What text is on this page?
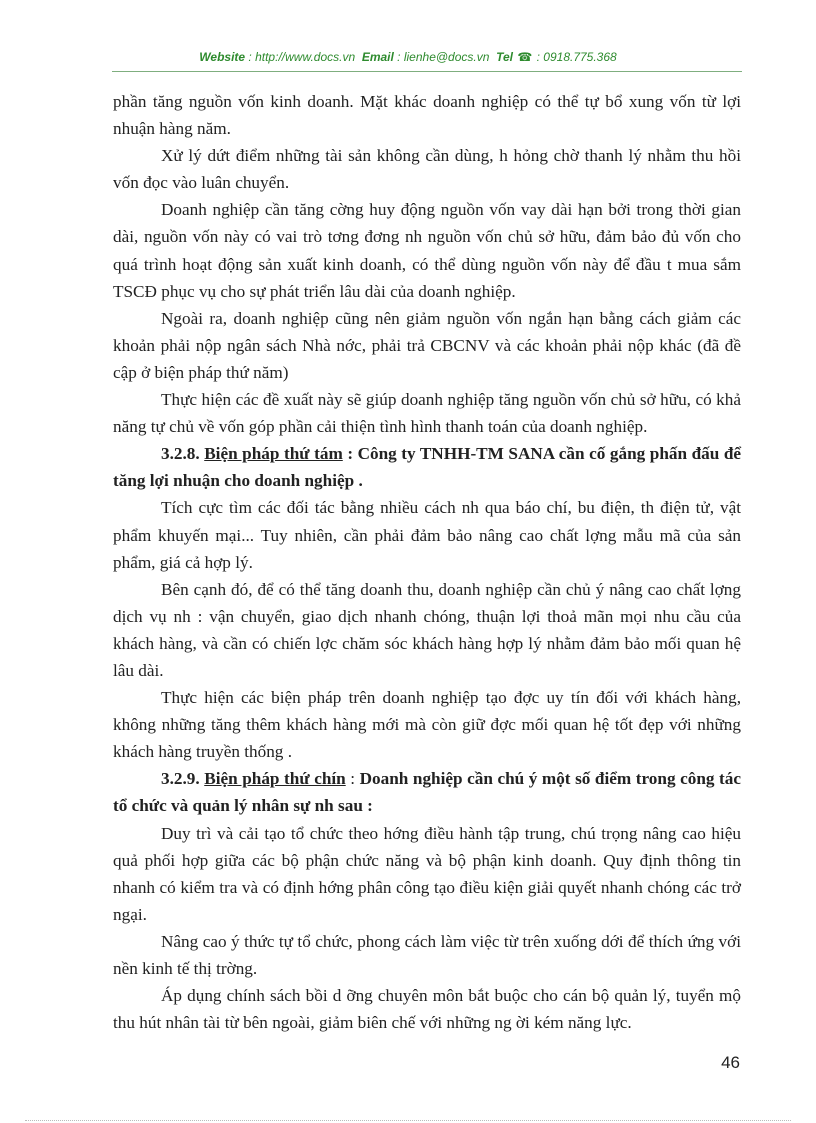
Website : http://www.docs.vn Email : lienhe@docs.vn Tel ☎ : 0918.775.368

phần tăng nguồn vốn kinh doanh. Mặt khác doanh nghiệp có thể tự bổ xung vốn từ lợi nhuận hàng năm.

Xử lý dứt điểm những tài sản không cần dùng, h hỏng chờ thanh lý nhằm thu hồi vốn đọc vào luân chuyển.

Doanh nghiệp cần tăng cờng huy động nguồn vốn vay dài hạn bởi trong thời gian dài, nguồn vốn này có vai trò tơng đơng nh nguồn vốn chủ sở hữu, đảm bảo đủ vốn cho quá trình hoạt động sản xuất kinh doanh, có thể dùng nguồn vốn này để đầu t mua sắm TSCĐ phục vụ cho sự phát triển lâu dài của doanh nghiệp.

Ngoài ra, doanh nghiệp cũng nên giảm nguồn vốn ngắn hạn bằng cách giảm các khoản phải nộp ngân sách Nhà nớc, phải trả CBCNV và các khoản phải nộp khác (đã đề cập ở biện pháp thứ năm)

Thực hiện các đề xuất này sẽ giúp doanh nghiệp tăng nguồn vốn chủ sở hữu, có khả năng tự chủ về vốn góp phần cải thiện tình hình thanh toán của doanh nghiệp.

3.2.8. Biện pháp thứ tám : Công ty TNHH-TM SANA cần cố gắng phấn đấu để tăng lợi nhuận cho doanh nghiệp .

Tích cực tìm các đối tác bằng nhiều cách nh qua báo chí, bu điện, th điện tử, vật phẩm khuyến mại... Tuy nhiên, cần phải đảm bảo nâng cao chất lợng mẫu mã của sản phẩm, giá cả hợp lý.

Bên cạnh đó, để có thể tăng doanh thu, doanh nghiệp cần chủ ý nâng cao chất lợng dịch vụ nh : vận chuyển, giao dịch nhanh chóng, thuận lợi thoả mãn mọi nhu cầu của khách hàng, và cần có chiến lợc chăm sóc khách hàng hợp lý nhằm đảm bảo mối quan hệ lâu dài.

Thực hiện các biện pháp trên doanh nghiệp tạo đợc uy tín đối với khách hàng, không những tăng thêm khách hàng mới mà còn giữ đợc mối quan hệ tốt đẹp với những khách hàng truyền thống .

3.2.9. Biện pháp thứ chín : Doanh nghiệp cần chú ý một số điểm trong công tác tổ chức và quản lý nhân sự nh sau :

Duy trì và cải tạo tổ chức theo hớng điều hành tập trung, chú trọng nâng cao hiệu quả phối hợp giữa các bộ phận chức năng và bộ phận kinh doanh. Quy định thông tin nhanh có kiểm tra và có định hớng phân công tạo điều kiện giải quyết nhanh chóng các trở ngại.

Nâng cao ý thức tự tổ chức, phong cách làm việc từ trên xuống dới để thích ứng với nền kinh tế thị trờng.

Áp dụng chính sách bồi d ỡng chuyên môn bắt buộc cho cán bộ quản lý, tuyển mộ thu hút nhân tài từ bên ngoài, giảm biên chế với những ng ời kém năng lực.

46
